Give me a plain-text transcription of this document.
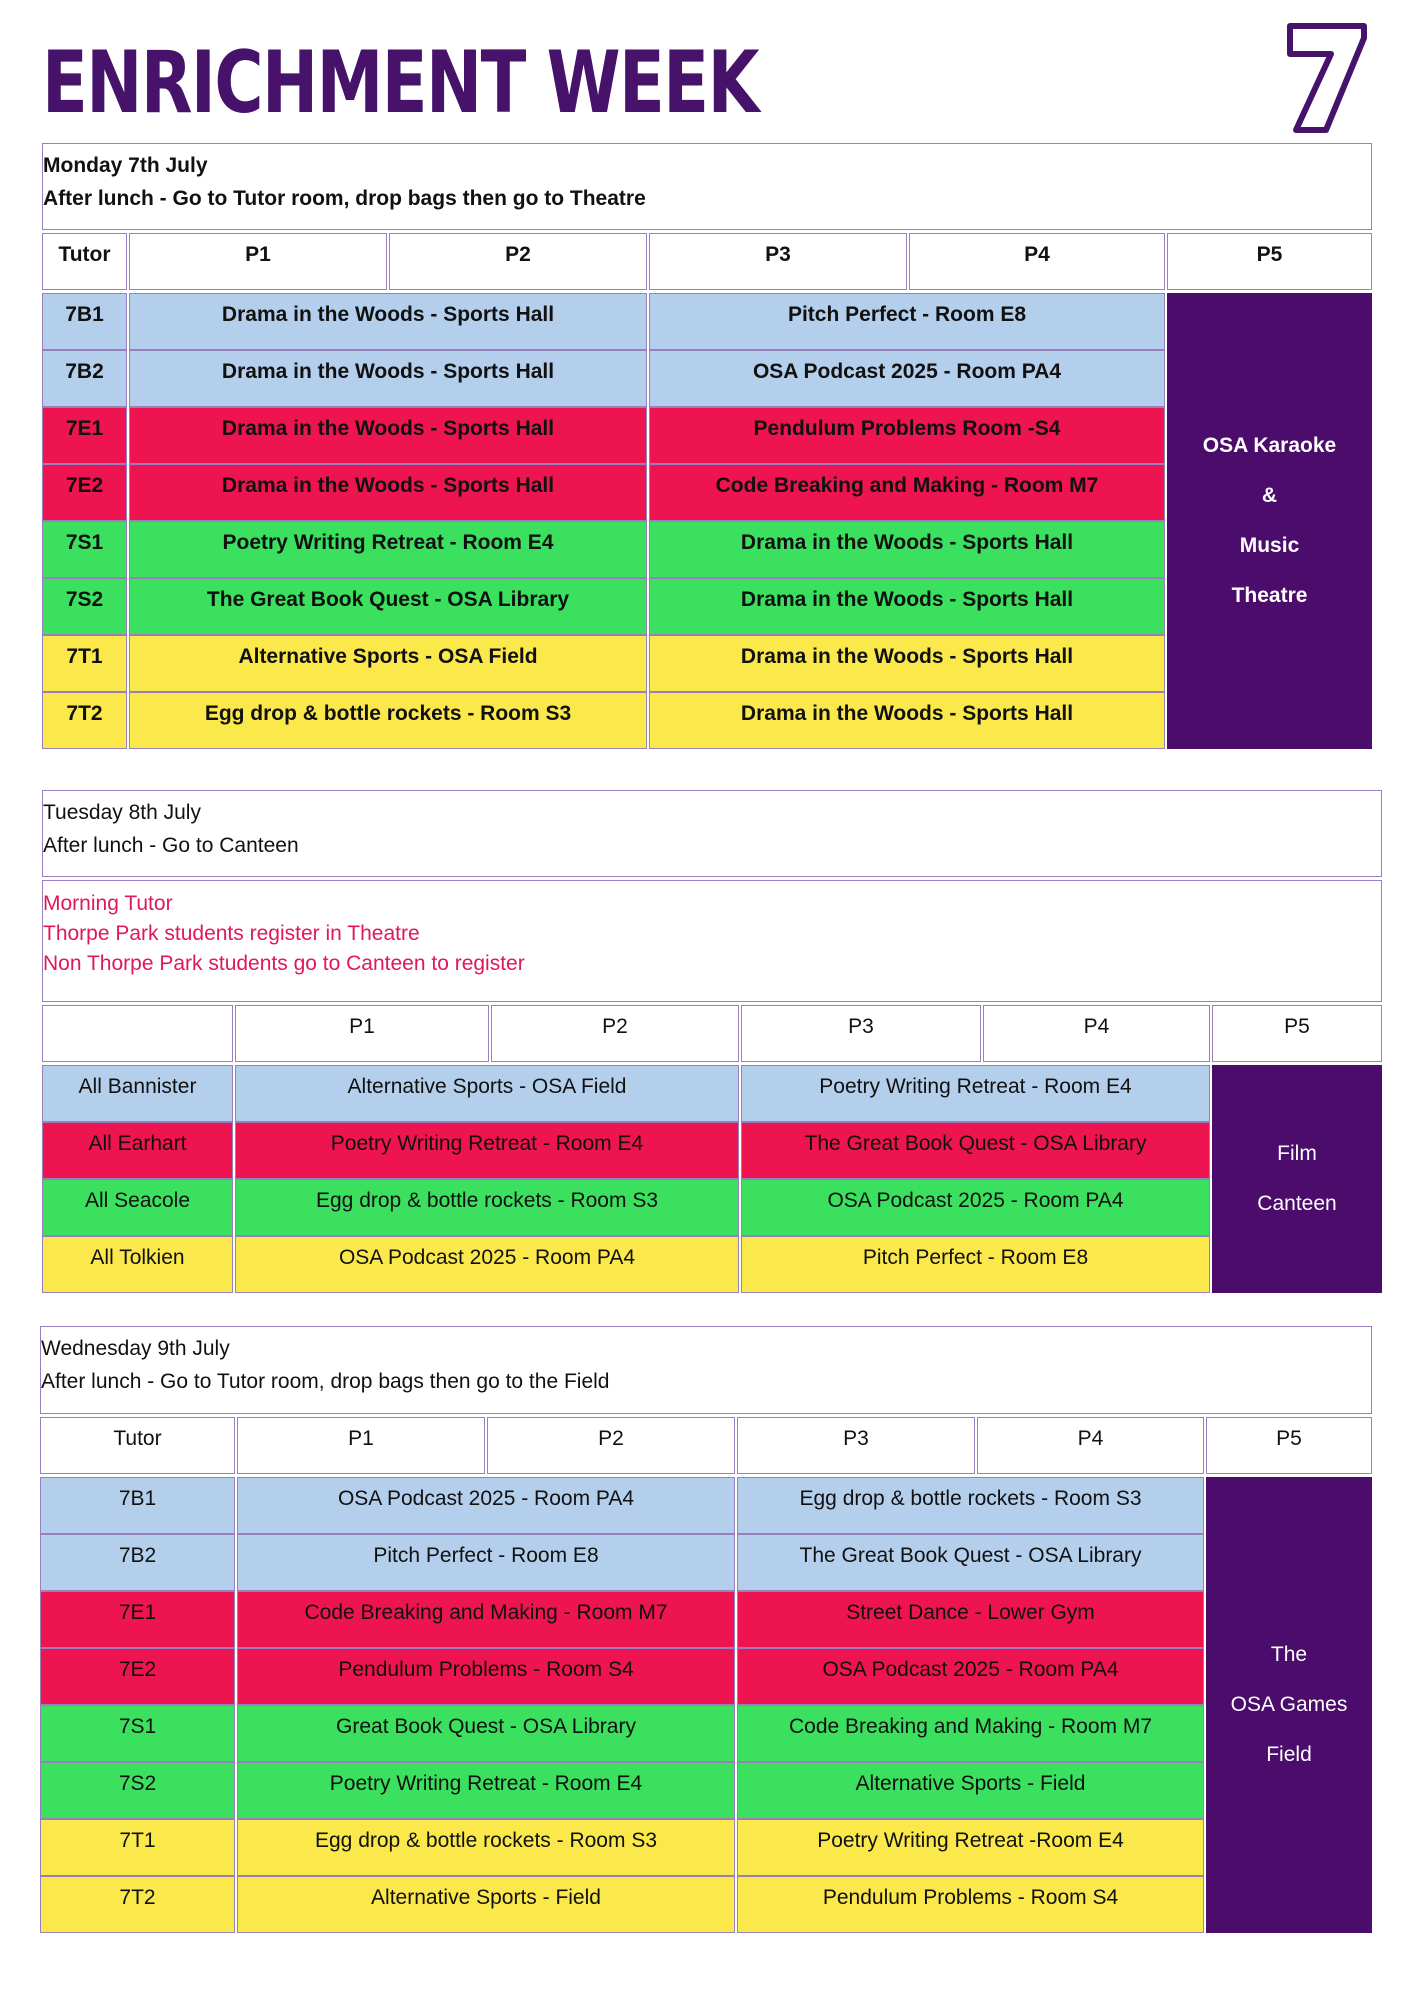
ENRICHMENT WEEK	7
Monday 7th July
After lunch - Go to Tutor room, drop bags then go to Theatre
Tutor	P1	P2	P3	P4	P5
7B1	Drama in the Woods - Sports Hall	Pitch Perfect - Room E8
7B2	Drama in the Woods - Sports Hall	OSA Podcast 2025 - Room PA4
7E1	Drama in the Woods - Sports Hall	Pendulum Problems Room -S4
7E2	Drama in the Woods - Sports Hall	Code Breaking and Making - Room M7
7S1	Poetry Writing Retreat - Room E4	Drama in the Woods - Sports Hall
7S2	The Great Book Quest - OSA Library	Drama in the Woods - Sports Hall
7T1	Alternative Sports - OSA Field	Drama in the Woods - Sports Hall
7T2	Egg drop & bottle rockets - Room S3	Drama in the Woods - Sports Hall
OSA Karaoke
&
Music
Theatre
Tuesday 8th July
After lunch - Go to Canteen
Morning Tutor
Thorpe Park students register in Theatre
Non Thorpe Park students go to Canteen to register
P1	P2	P3	P4	P5
All Bannister	Alternative Sports - OSA Field	Poetry Writing Retreat - Room E4
All Earhart	Poetry Writing Retreat - Room E4	The Great Book Quest - OSA Library
All Seacole	Egg drop & bottle rockets - Room S3	OSA Podcast 2025 - Room PA4
All Tolkien	OSA Podcast 2025 - Room PA4	Pitch Perfect - Room E8
Film
Canteen
Wednesday 9th July
After lunch - Go to Tutor room, drop bags then go to the Field
Tutor	P1	P2	P3	P4	P5
7B1	OSA Podcast 2025 - Room PA4	Egg drop & bottle rockets - Room S3
7B2	Pitch Perfect - Room E8	The Great Book Quest - OSA Library
7E1	Code Breaking and Making - Room M7	Street Dance - Lower Gym
7E2	Pendulum Problems - Room S4	OSA Podcast 2025 - Room PA4
7S1	Great Book Quest - OSA Library	Code Breaking and Making - Room M7
7S2	Poetry Writing Retreat - Room E4	Alternative Sports - Field
7T1	Egg drop & bottle rockets - Room S3	Poetry Writing Retreat -Room E4
7T2	Alternative Sports - Field	Pendulum Problems - Room S4
The
OSA Games
Field
